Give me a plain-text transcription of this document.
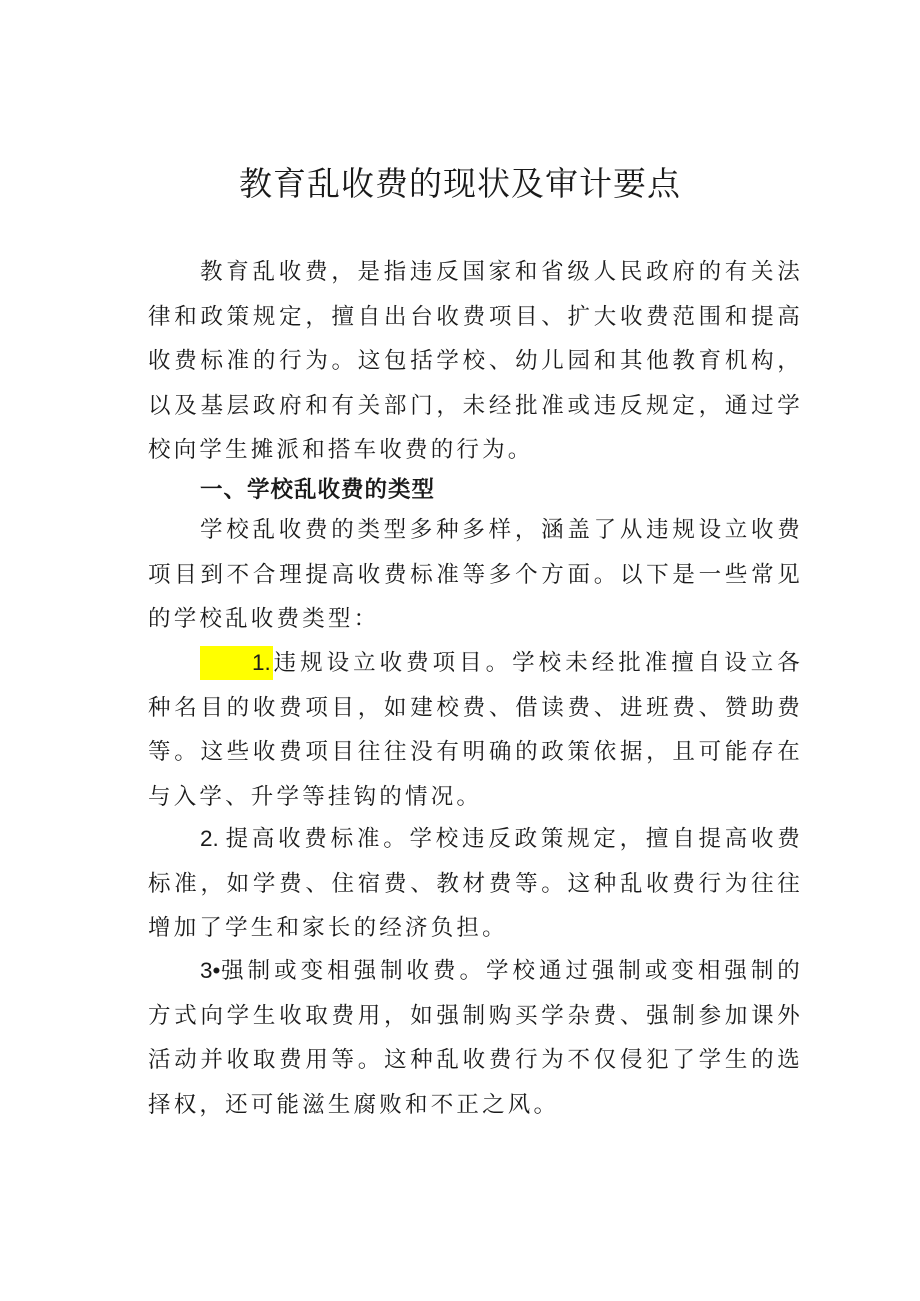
教育乱收费的现状及审计要点

教育乱收费，是指违反国家和省级人民政府的有关法律和政策规定，擅自出台收费项目、扩大收费范围和提高收费标准的行为。这包括学校、幼儿园和其他教育机构，以及基层政府和有关部门，未经批准或违反规定，通过学校向学生摊派和搭车收费的行为。

一、学校乱收费的类型

学校乱收费的类型多种多样，涵盖了从违规设立收费项目到不合理提高收费标准等多个方面。以下是一些常见的学校乱收费类型：

1.违规设立收费项目。学校未经批准擅自设立各种名目的收费项目，如建校费、借读费、进班费、赞助费等。这些收费项目往往没有明确的政策依据，且可能存在与入学、升学等挂钩的情况。

2. 提高收费标准。学校违反政策规定，擅自提高收费标准，如学费、住宿费、教材费等。这种乱收费行为往往增加了学生和家长的经济负担。

3•强制或变相强制收费。学校通过强制或变相强制的方式向学生收取费用，如强制购买学杂费、强制参加课外活动并收取费用等。这种乱收费行为不仅侵犯了学生的选择权，还可能滋生腐败和不正之风。
